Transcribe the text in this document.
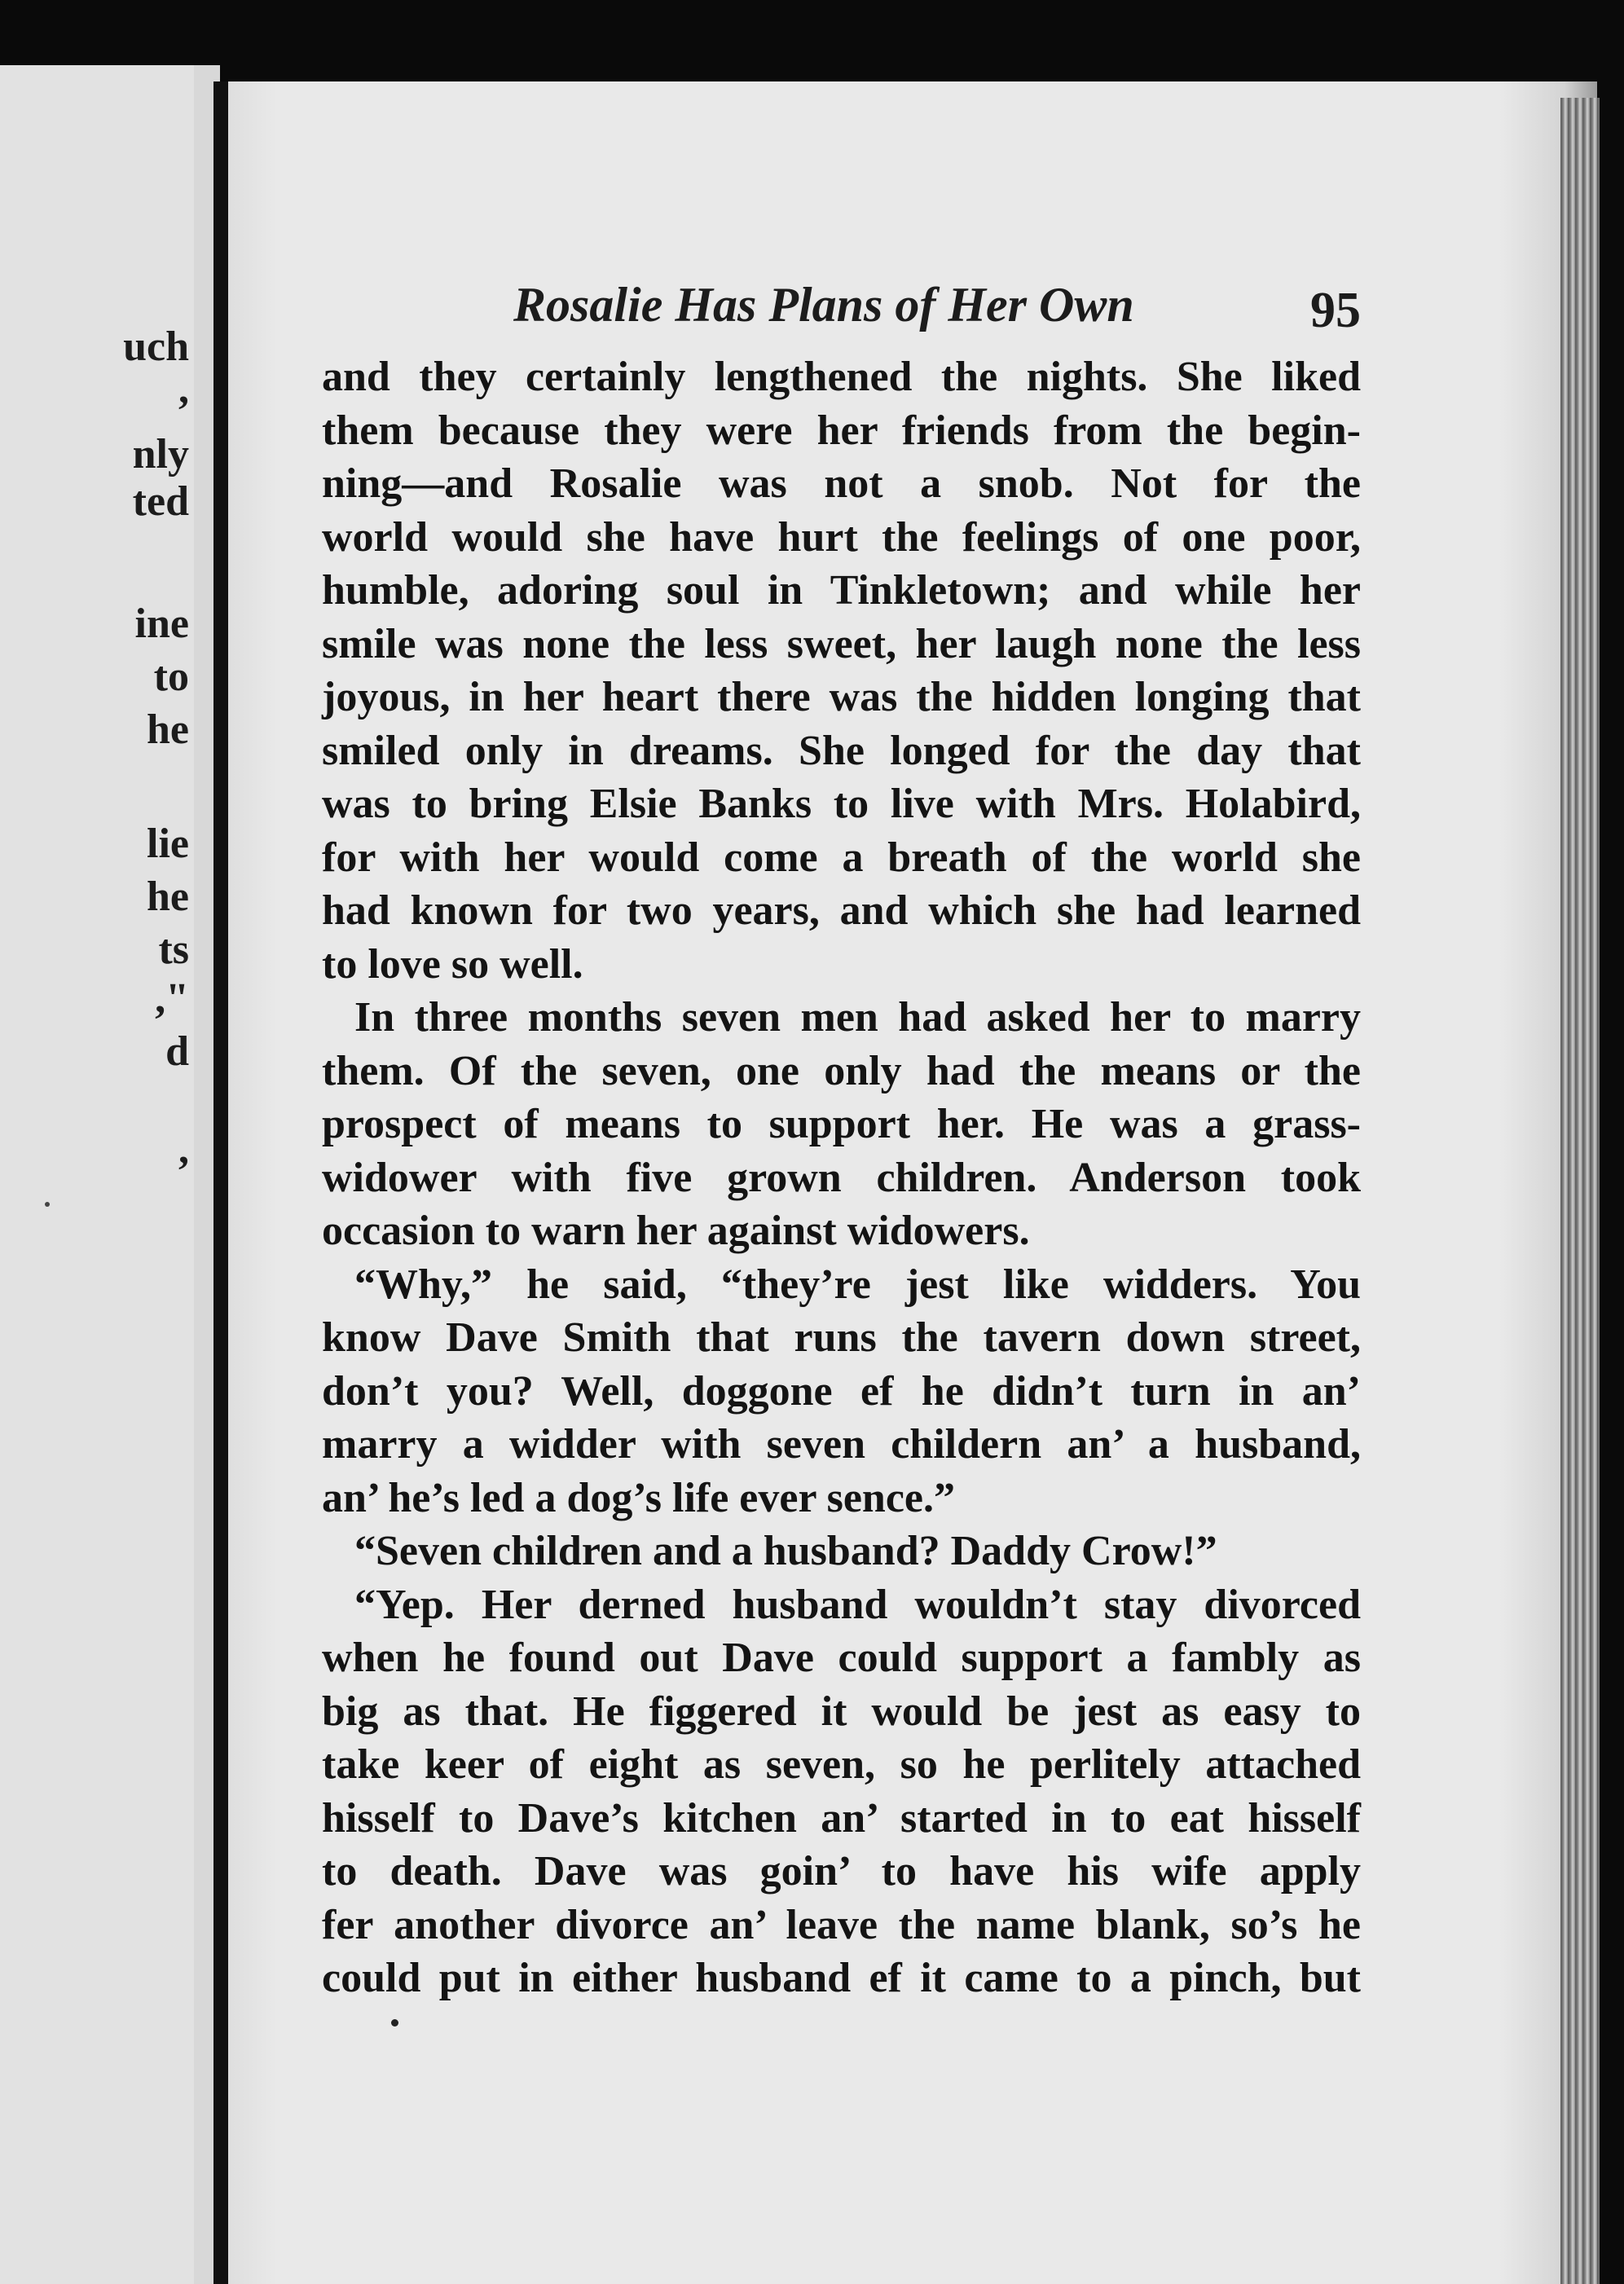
uch

,

nly

ted

ine

to

he

lie

he

ts

,"

d

,

Rosalie Has Plans of Her Own	95

and they certainly lengthened the nights. She liked

them because they were her friends from the begin-

ning—and Rosalie was not a snob. Not for the

world would she have hurt the feelings of one poor,

humble, adoring soul in Tinkletown; and while her

smile was none the less sweet, her laugh none the less

joyous, in her heart there was the hidden longing that

smiled only in dreams. She longed for the day that

was to bring Elsie Banks to live with Mrs. Holabird,

for with her would come a breath of the world she

had known for two years, and which she had learned

to love so well.

In three months seven men had asked her to marry

them. Of the seven, one only had the means or the

prospect of means to support her. He was a grass-

widower with five grown children. Anderson took

occasion to warn her against widowers.

“Why,” he said, “they’re jest like widders. You

know Dave Smith that runs the tavern down street,

don’t you? Well, doggone ef he didn’t turn in an’

marry a widder with seven childern an’ a husband,

an’ he’s led a dog’s life ever sence.”

“Seven children and a husband? Daddy Crow!”

“Yep. Her derned husband wouldn’t stay divorced

when he found out Dave could support a fambly as

big as that. He figgered it would be jest as easy to

take keer of eight as seven, so he perlitely attached

hisself to Dave’s kitchen an’ started in to eat hisself

to death. Dave was goin’ to have his wife apply

fer another divorce an’ leave the name blank, so’s he

could put in either husband ef it came to a pinch, but
